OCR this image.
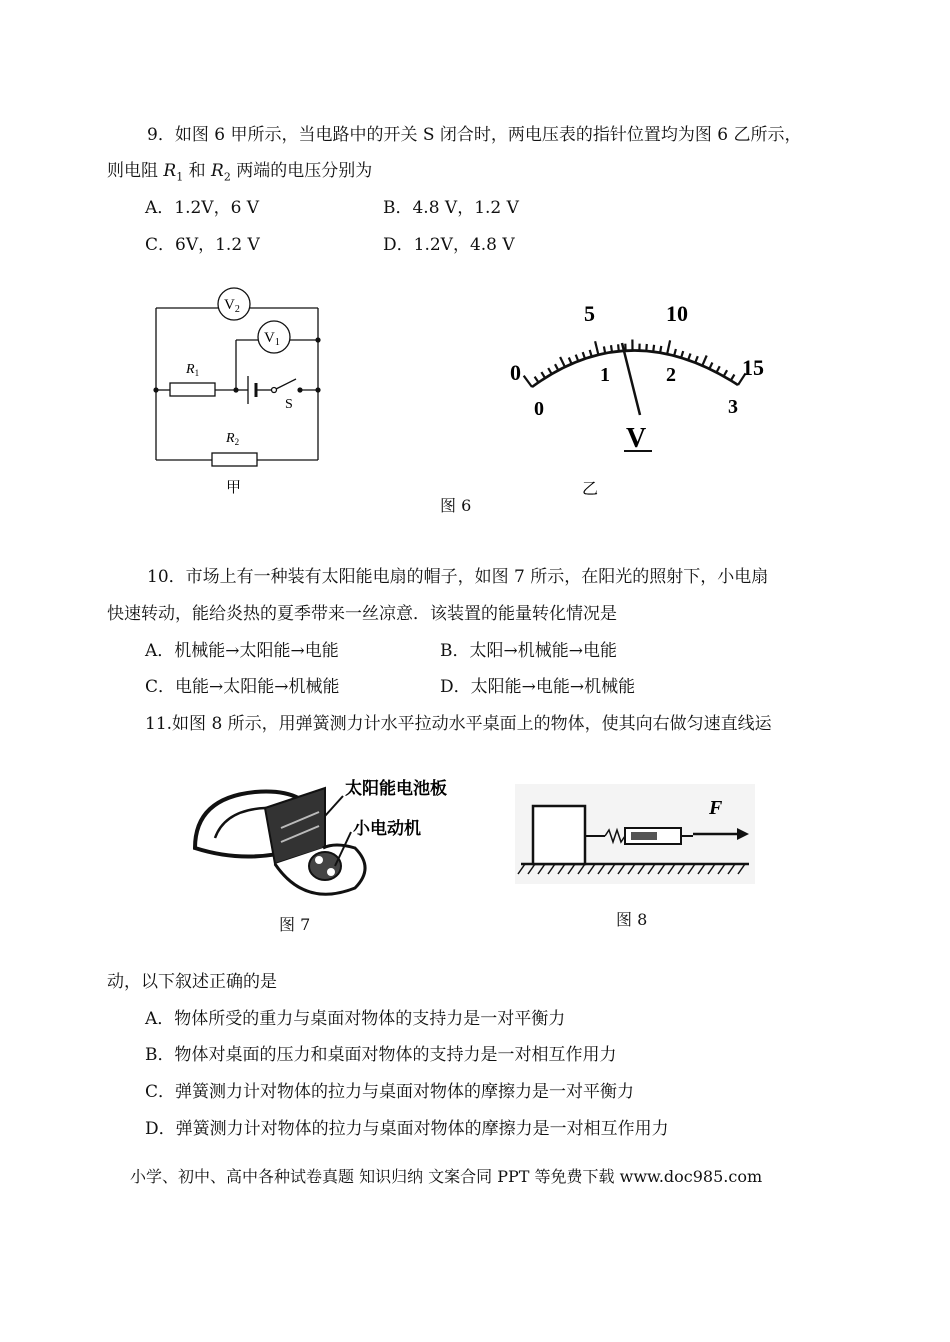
9．如图 6 甲所示，当电路中的开关 S 闭合时，两电压表的指针位置均为图 6 乙所示，
则电阻 $R_1$ 和 $R_2$ 两端的电压分别为
A．1.2V，6 V	B．4.8 V，1.2 V
C．6V，1.2 V	D．1.2V，4.8 V
$V_2$
$V_1$
$R_1$
$R_2$
S
甲
0
5	10
15
0
1	2
3
V
乙
图 6
10．市场上有一种装有太阳能电扇的帽子，如图 7 所示，在阳光的照射下，小电扇
快速转动，能给炎热的夏季带来一丝凉意．该装置的能量转化情况是
A．机械能→太阳能→电能	B．太阳→机械能→电能
C．电能→太阳能→机械能	D．太阳能→电能→机械能
11.如图 8 所示，用弹簧测力计水平拉动水平桌面上的物体，使其向右做匀速直线运
太阳能电池板
小电动机
图 7
F
图 8
动，以下叙述正确的是
A．物体所受的重力与桌面对物体的支持力是一对平衡力
B．物体对桌面的压力和桌面对物体的支持力是一对相互作用力
C．弹簧测力计对物体的拉力与桌面对物体的摩擦力是一对平衡力
D．弹簧测力计对物体的拉力与桌面对物体的摩擦力是一对相互作用力
小学、初中、高中各种试卷真题 知识归纳 文案合同 PPT 等免费下载 www.doc985.com
